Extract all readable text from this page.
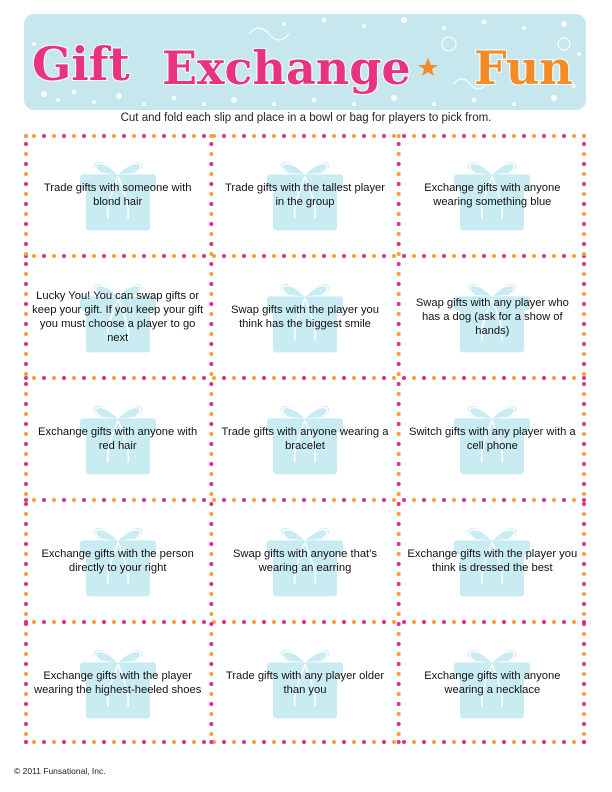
Gift Exchange Fun
Cut and fold each slip and place in a bowl or bag for players to pick from.
Trade gifts with someone with blond hair
Trade gifts with the tallest player in the group
Exchange gifts with anyone wearing something blue
Lucky You! You can swap gifts or keep your gift. If you keep your gift you must choose a player to go next
Swap gifts with the player you think has the biggest smile
Swap gifts with any player who has a dog (ask for a show of hands)
Exchange gifts with anyone with red hair
Trade gifts with anyone wearing a bracelet
Switch gifts with any player with a cell phone
Exchange gifts with the person directly to your right
Swap gifts with anyone that’s wearing an earring
Exchange gifts with the player you think is dressed the best
Exchange gifts with the player wearing the highest-heeled shoes
Trade gifts with any player older than you
Exchange gifts with anyone wearing a necklace
© 2011 Funsational, Inc.
